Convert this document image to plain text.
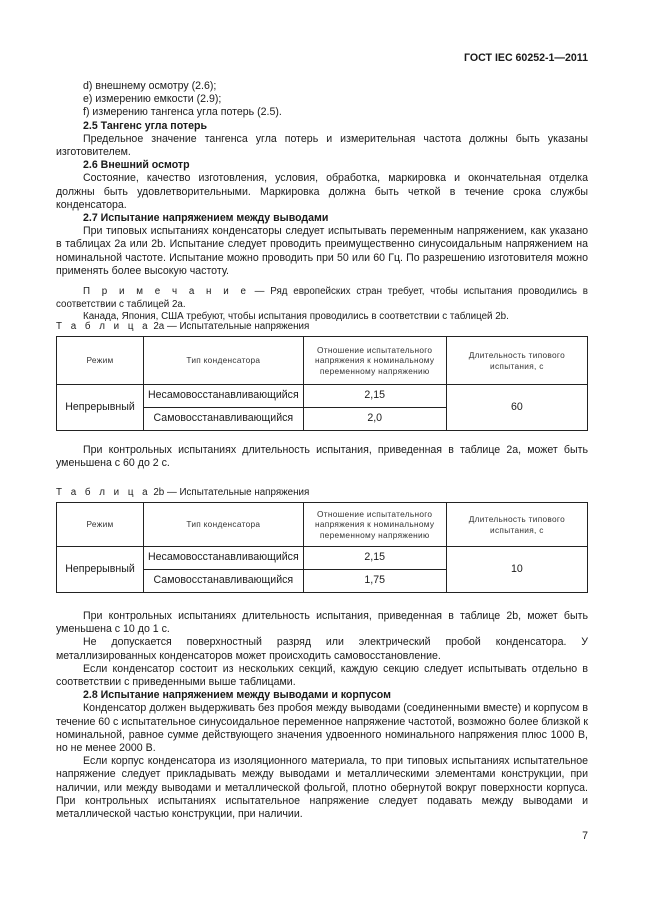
ГОСТ IEC 60252-1—2011

d) внешнему осмотру (2.6);

e) измерению емкости (2.9);

f) измерению тангенса угла потерь (2.5).

2.5 Тангенс угла потерь

Предельное значение тангенса угла потерь и измерительная частота должны быть указаны изготовителем.

2.6 Внешний осмотр

Состояние, качество изготовления, условия, обработка, маркировка и окончательная отделка должны быть удовлетворительными. Маркировка должна быть четкой в течение срока службы конденсатора.

2.7 Испытание напряжением между выводами

При типовых испытаниях конденсаторы следует испытывать переменным напряжением, как указано в таблицах 2а или 2b. Испытание следует проводить преимущественно синусоидальным напряжением на номинальной частоте. Испытание можно проводить при 50 или 60 Гц. По разрешению изготовителя можно применять более высокую частоту.

П р и м е ч а н и е — Ряд европейских стран требует, чтобы испытания проводились в соответствии с таблицей 2а.

Канада, Япония, США требуют, чтобы испытания проводились в соответствии с таблицей 2b.

Т а б л и ц а 2а — Испытательные напряжения
Режим	Тип конденсатора	Отношение испытательного напряжения к номинальному переменному напряжению	Длительность типового испытания, с
Непрерывный	Несамовосстанавливающийся	2,15	60
	Самовосстанавливающийся	2,0	

При контрольных испытаниях длительность испытания, приведенная в таблице 2а, может быть уменьшена с 60 до 2 с.

Т а б л и ц а 2b — Испытательные напряжения
Режим	Тип конденсатора	Отношение испытательного напряжения к номинальному переменному напряжению	Длительность типового испытания, с
Непрерывный	Несамовосстанавливающийся	2,15	10
	Самовосстанавливающийся	1,75	

При контрольных испытаниях длительность испытания, приведенная в таблице 2b, может быть уменьшена с 10 до 1 с.

Не допускается поверхностный разряд или электрический пробой конденсатора. У металлизированных конденсаторов может происходить самовосстановление.

Если конденсатор состоит из нескольких секций, каждую секцию следует испытывать отдельно в соответствии с приведенными выше таблицами.

2.8 Испытание напряжением между выводами и корпусом

Конденсатор должен выдерживать без пробоя между выводами (соединенными вместе) и корпусом в течение 60 с испытательное синусоидальное переменное напряжение частотой, возможно более близкой к номинальной, равное сумме действующего значения удвоенного номинального напряжения плюс 1000 В, но не менее 2000 В.

Если корпус конденсатора из изоляционного материала, то при типовых испытаниях испытательное напряжение следует прикладывать между выводами и металлическими элементами конструкции, при наличии, или между выводами и металлической фольгой, плотно обернутой вокруг поверхности корпуса. При контрольных испытаниях испытательное напряжение следует подавать между выводами и металлической частью конструкции, при наличии.

7
